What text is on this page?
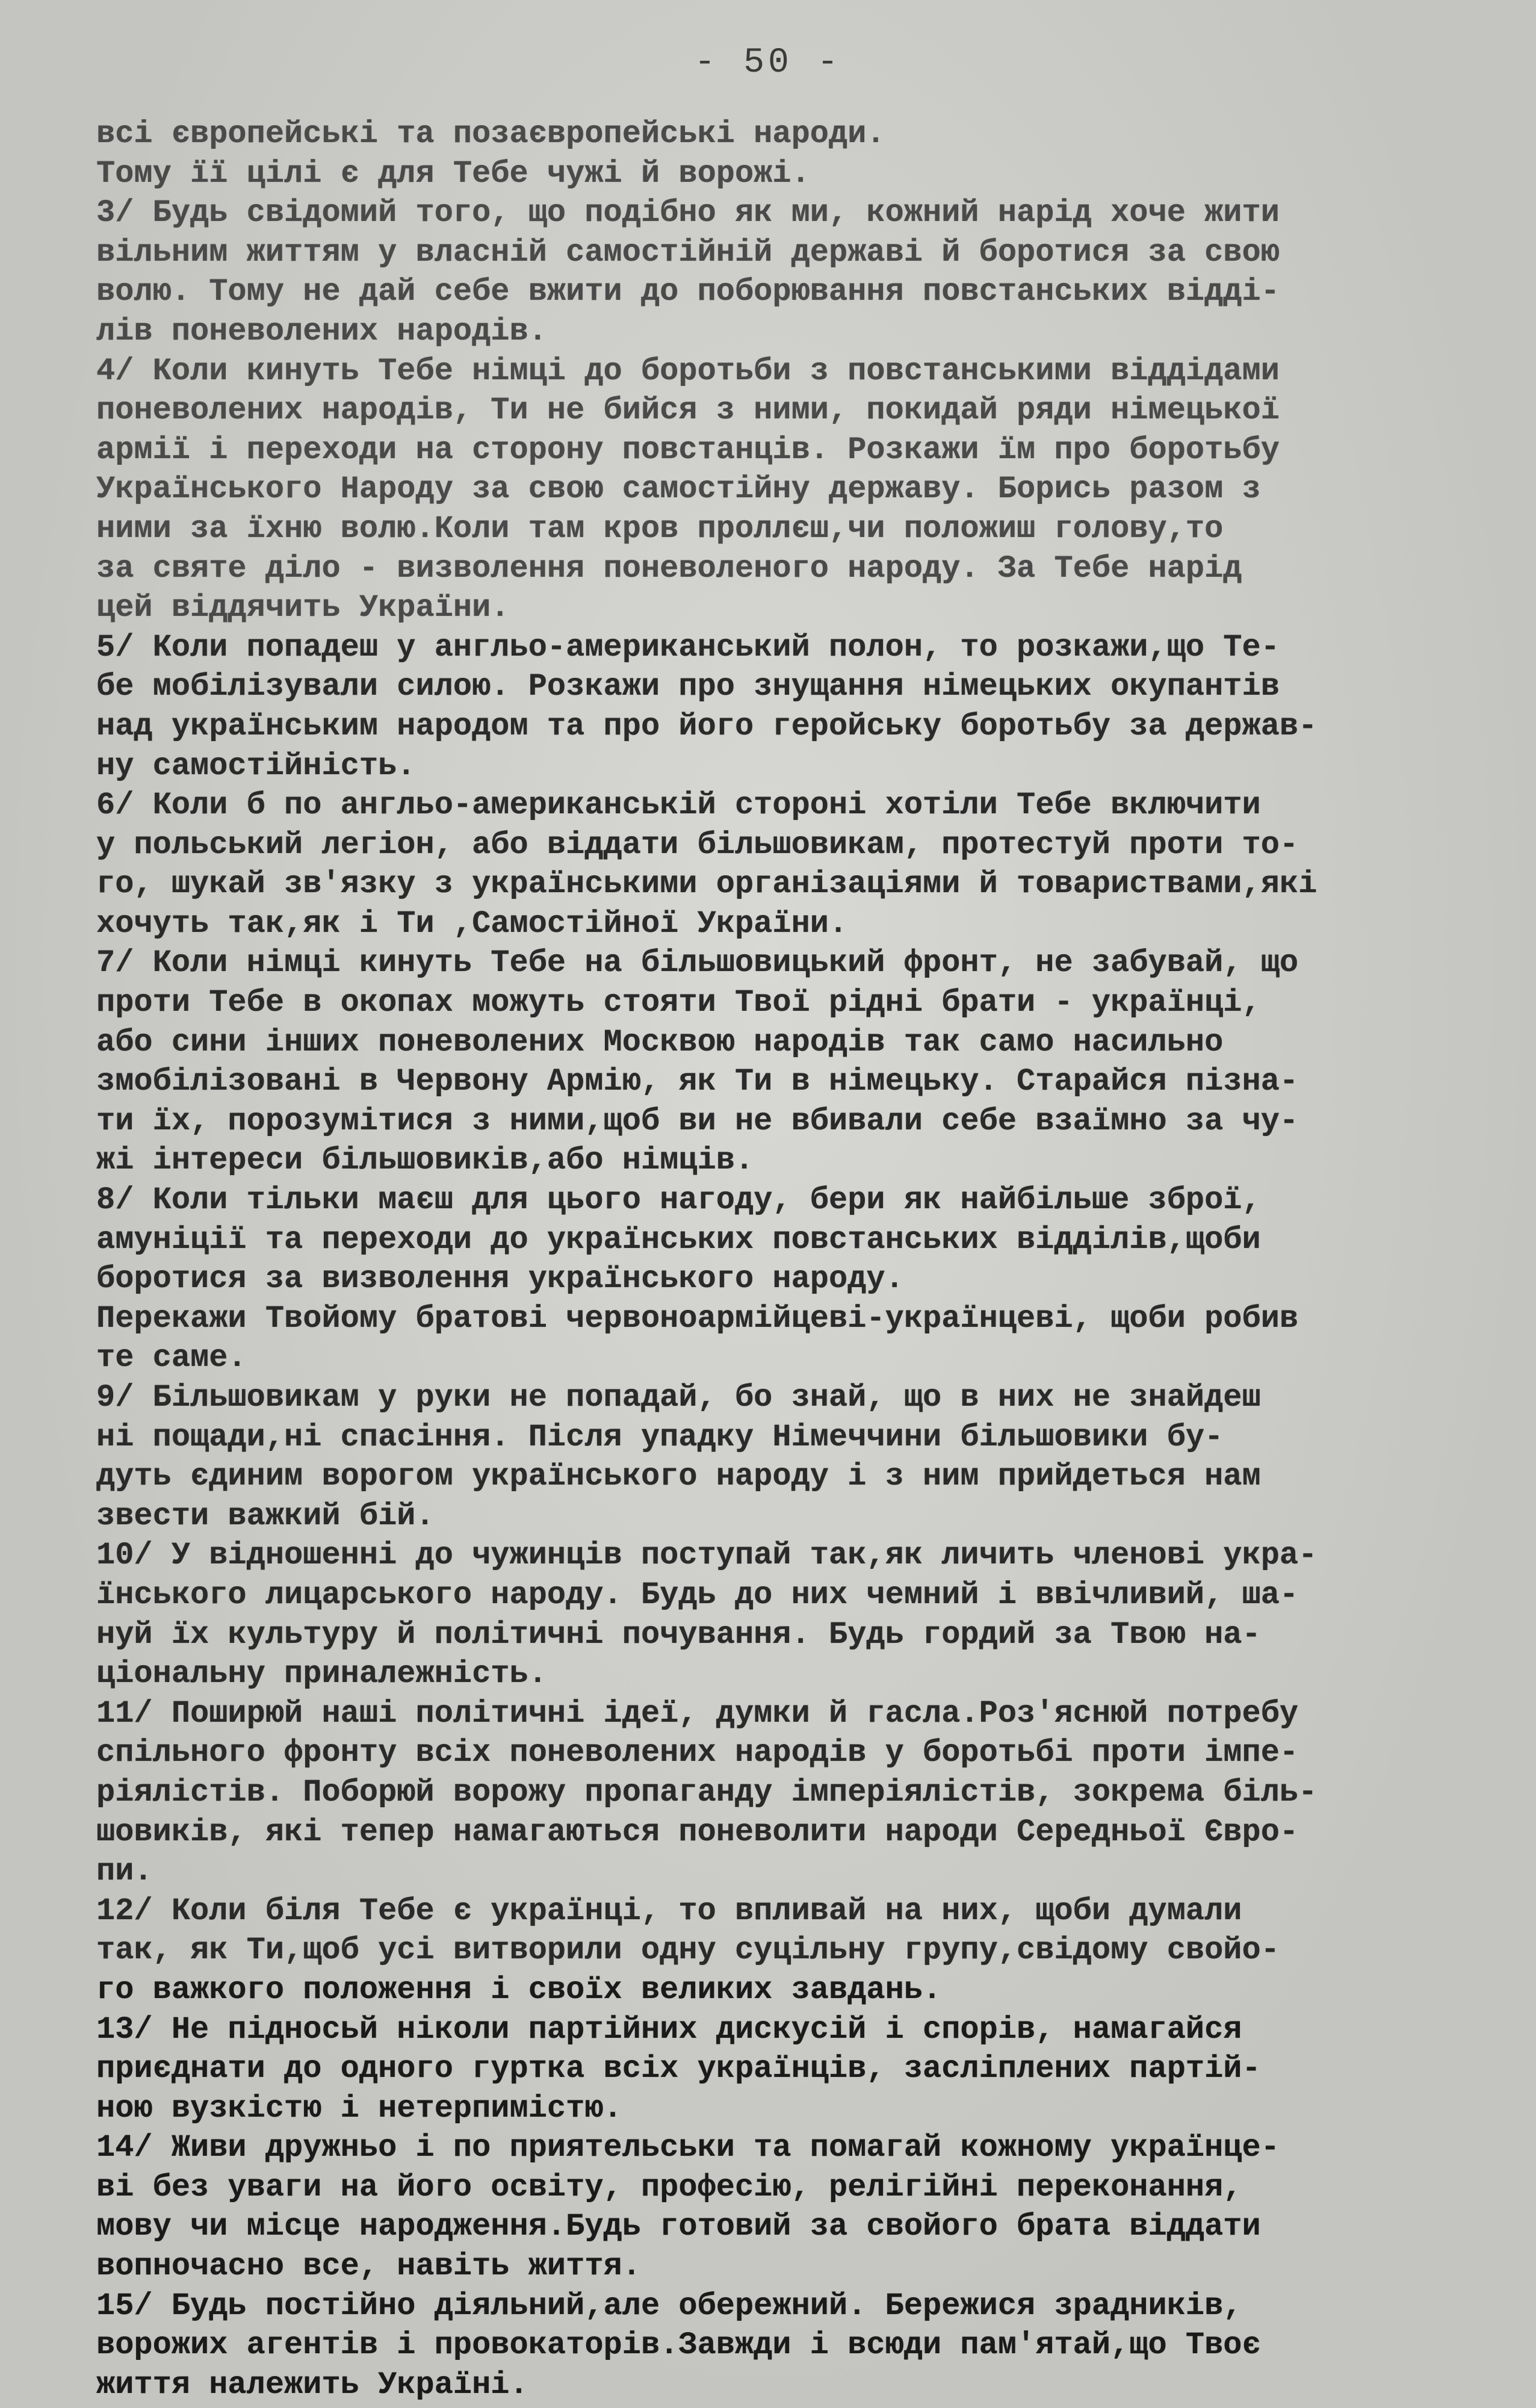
- 50 -
всі європейські та позаєвропейські народи.
Тому її цілі є для Тебе чужі й ворожі.
3/ Будь свідомий того, що подібно як ми, кожний нарід хоче жити
вільним життям у власній самостійній державі й боротися за свою
волю. Тому не дай себе вжити до поборювання повстанських відді-
лів поневолених народів.
4/ Коли кинуть Тебе німці до боротьби з повстанськими віддідами
поневолених народів, Ти не бийся з ними, покидай ряди німецької
армії і переходи на сторону повстанців. Розкажи їм про боротьбу
Українського Народу за свою самостійну державу. Борись разом з
ними за їхню волю.Коли там кров проллєш,чи положиш голову,то
за святе діло - визволення поневоленого народу. За Тебе нарід
цей віддячить України.
5/ Коли попадеш у англьо-американський полон, то розкажи,що Те-
бе мобілізували силою. Розкажи про знущання німецьких окупантів
над українським народом та про його геройську боротьбу за держав-
ну самостійність.
6/ Коли б по англьо-американській стороні хотіли Тебе включити
у польський легіон, або віддати більшовикам, протестуй проти то-
го, шукай зв'язку з українськими організаціями й товариствами,які
хочуть так,як і Ти ,Самостійної України.
7/ Коли німці кинуть Тебе на більшовицький фронт, не забувай, що
проти Тебе в окопах можуть стояти Твої рідні брати - українці,
або сини інших поневолених Москвою народів так само насильно
змобілізовані в Червону Армію, як Ти в німецьку. Старайся пізна-
ти їх, порозумітися з ними,щоб ви не вбивали себе взаїмно за чу-
жі інтереси більшовиків,або німців.
8/ Коли тільки маєш для цього нагоду, бери як найбільше зброї,
амуніції та переходи до українських повстанських відділів,щоби
боротися за визволення українського народу.
Перекажи Твойому братові червоноармійцеві-українцеві, щоби робив
те саме.
9/ Більшовикам у руки не попадай, бо знай, що в них не знайдеш
ні пощади,ні спасіння. Після упадку Німеччини більшовики бу-
дуть єдиним ворогом українського народу і з ним прийдеться нам
звести важкий бій.
10/ У відношенні до чужинців поступай так,як личить членові укра-
їнського лицарського народу. Будь до них чемний і ввічливий, ша-
нуй їх культуру й політичні почування. Будь гордий за Твою на-
ціональну приналежність.
11/ Поширюй наші політичні ідеї, думки й гасла.Роз'яснюй потребу
спільного фронту всіх поневолених народів у боротьбі проти імпе-
ріялістів. Поборюй ворожу пропаганду імперіялістів, зокрема біль-
шовиків, які тепер намагаються поневолити народи Середньої Євро-
пи.
12/ Коли біля Тебе є українці, то впливай на них, щоби думали
так, як Ти,щоб усі витворили одну суцільну групу,свідому свойо-
го важкого положення і своїх великих завдань.
13/ Не підносьй ніколи партійних дискусій і спорів, намагайся
приєднати до одного гуртка всіх українців, засліплених партій-
ною вузкістю і нетерпимістю.
14/ Живи дружньо і по приятельськи та помагай кожному українце-
ві без уваги на його освіту, професію, релігійні переконання,
мову чи місце народження.Будь готовий за свойого брата віддати
вопночасно все, навіть життя.
15/ Будь постійно діяльний,але обережний. Бережися зрадників,
ворожих агентів і провокаторів.Завжди і всюди пам'ятай,що Твоє
життя належить Україні.
